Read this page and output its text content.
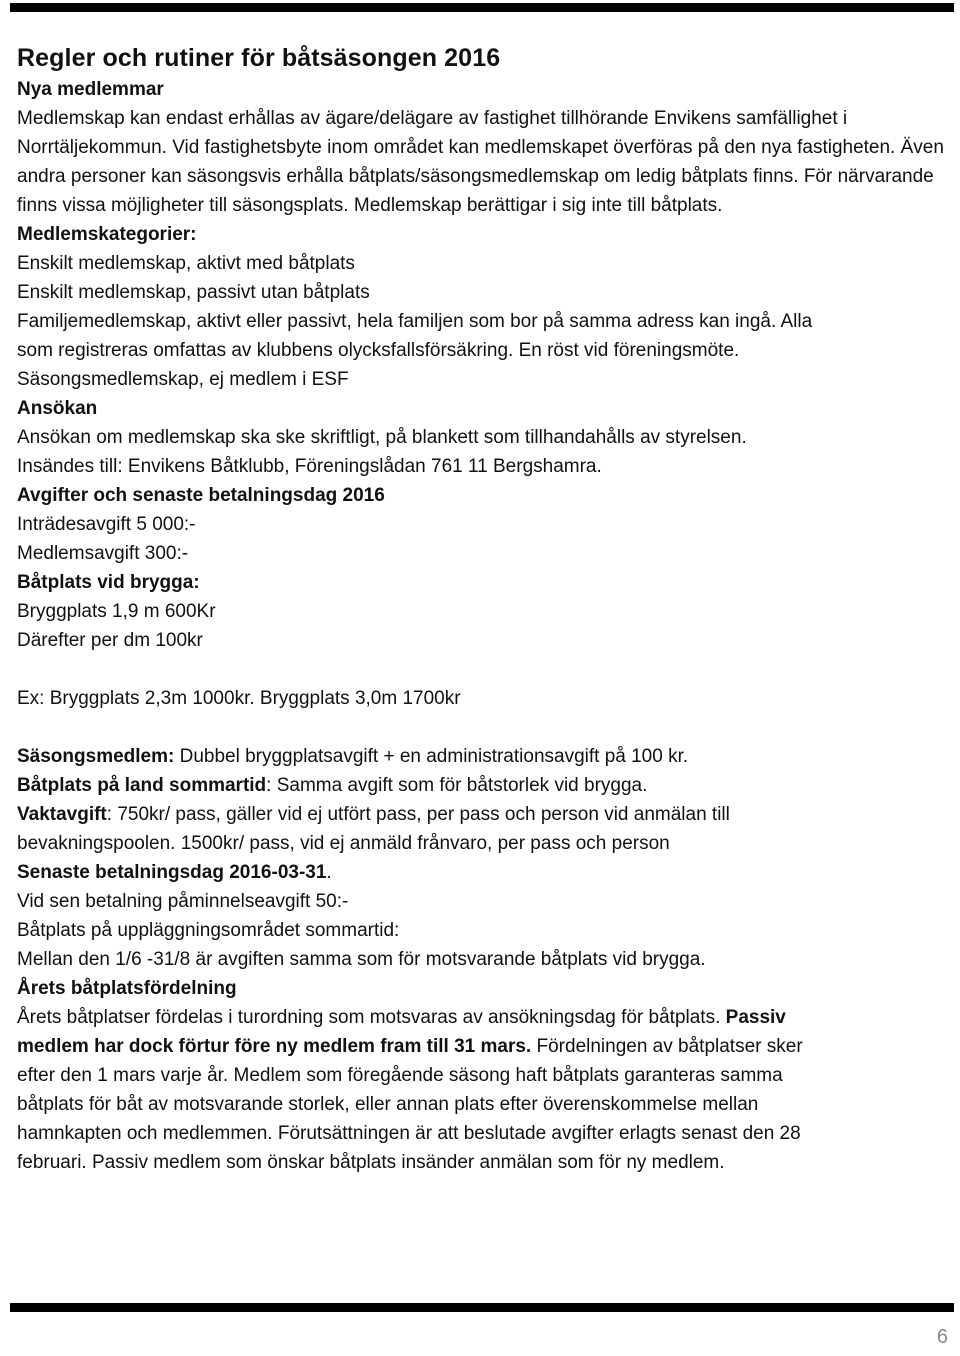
Regler och rutiner för båtsäsongen 2016

Nya medlemmar

Medlemskap kan endast erhållas av ägare/delägare av fastighet tillhörande Envikens samfällighet i Norrtäljekommun. Vid fastighetsbyte inom området kan medlemskapet överföras på den nya fastigheten. Även andra personer kan säsongsvis erhålla båtplats/säsongsmedlemskap om ledig båtplats finns. För närvarande finns vissa möjligheter till säsongsplats. Medlemskap berättigar i sig inte till båtplats.

Medlemskategorier:

Enskilt medlemskap, aktivt med båtplats

Enskilt medlemskap, passivt utan båtplats

Familjemedlemskap, aktivt eller passivt, hela familjen som bor på samma adress kan ingå. Alla

som registreras omfattas av klubbens olycksfallsförsäkring. En röst vid föreningsmöte.

Säsongsmedlemskap, ej medlem i ESF

Ansökan

Ansökan om medlemskap ska ske skriftligt, på blankett som tillhandahålls av styrelsen.

Insändes till: Envikens Båtklubb, Föreningslådan 761 11 Bergshamra.

Avgifter och senaste betalningsdag 2016

Inträdesavgift 5 000:-

Medlemsavgift 300:-

Båtplats vid brygga:

Bryggplats 1,9 m 600Kr

Därefter per dm 100kr

Ex: Bryggplats 2,3m 1000kr. Bryggplats 3,0m 1700kr

Säsongsmedlem: Dubbel bryggplatsavgift + en administrationsavgift på 100 kr.

Båtplats på land sommartid: Samma avgift som för båtstorlek vid brygga.

Vaktavgift: 750kr/ pass, gäller vid ej utfört pass, per pass och person vid anmälan till

bevakningspoolen. 1500kr/ pass, vid ej anmäld frånvaro, per pass och person

Senaste betalningsdag 2016-03-31.

Vid sen betalning påminnelseavgift 50:-

Båtplats på uppläggningsområdet sommartid:

Mellan den 1/6 -31/8 är avgiften samma som för motsvarande båtplats vid brygga.

Årets båtplatsfördelning

Årets båtplatser fördelas i turordning som motsvaras av ansökningsdag för båtplats. Passiv

medlem har dock förtur före ny medlem fram till 31 mars. Fördelningen av båtplatser sker

efter den 1 mars varje år. Medlem som föregående säsong haft båtplats garanteras samma

båtplats för båt av motsvarande storlek, eller annan plats efter överenskommelse mellan

hamnkapten och medlemmen. Förutsättningen är att beslutade avgifter erlagts senast den 28

februari. Passiv medlem som önskar båtplats insänder anmälan som för ny medlem.

6
